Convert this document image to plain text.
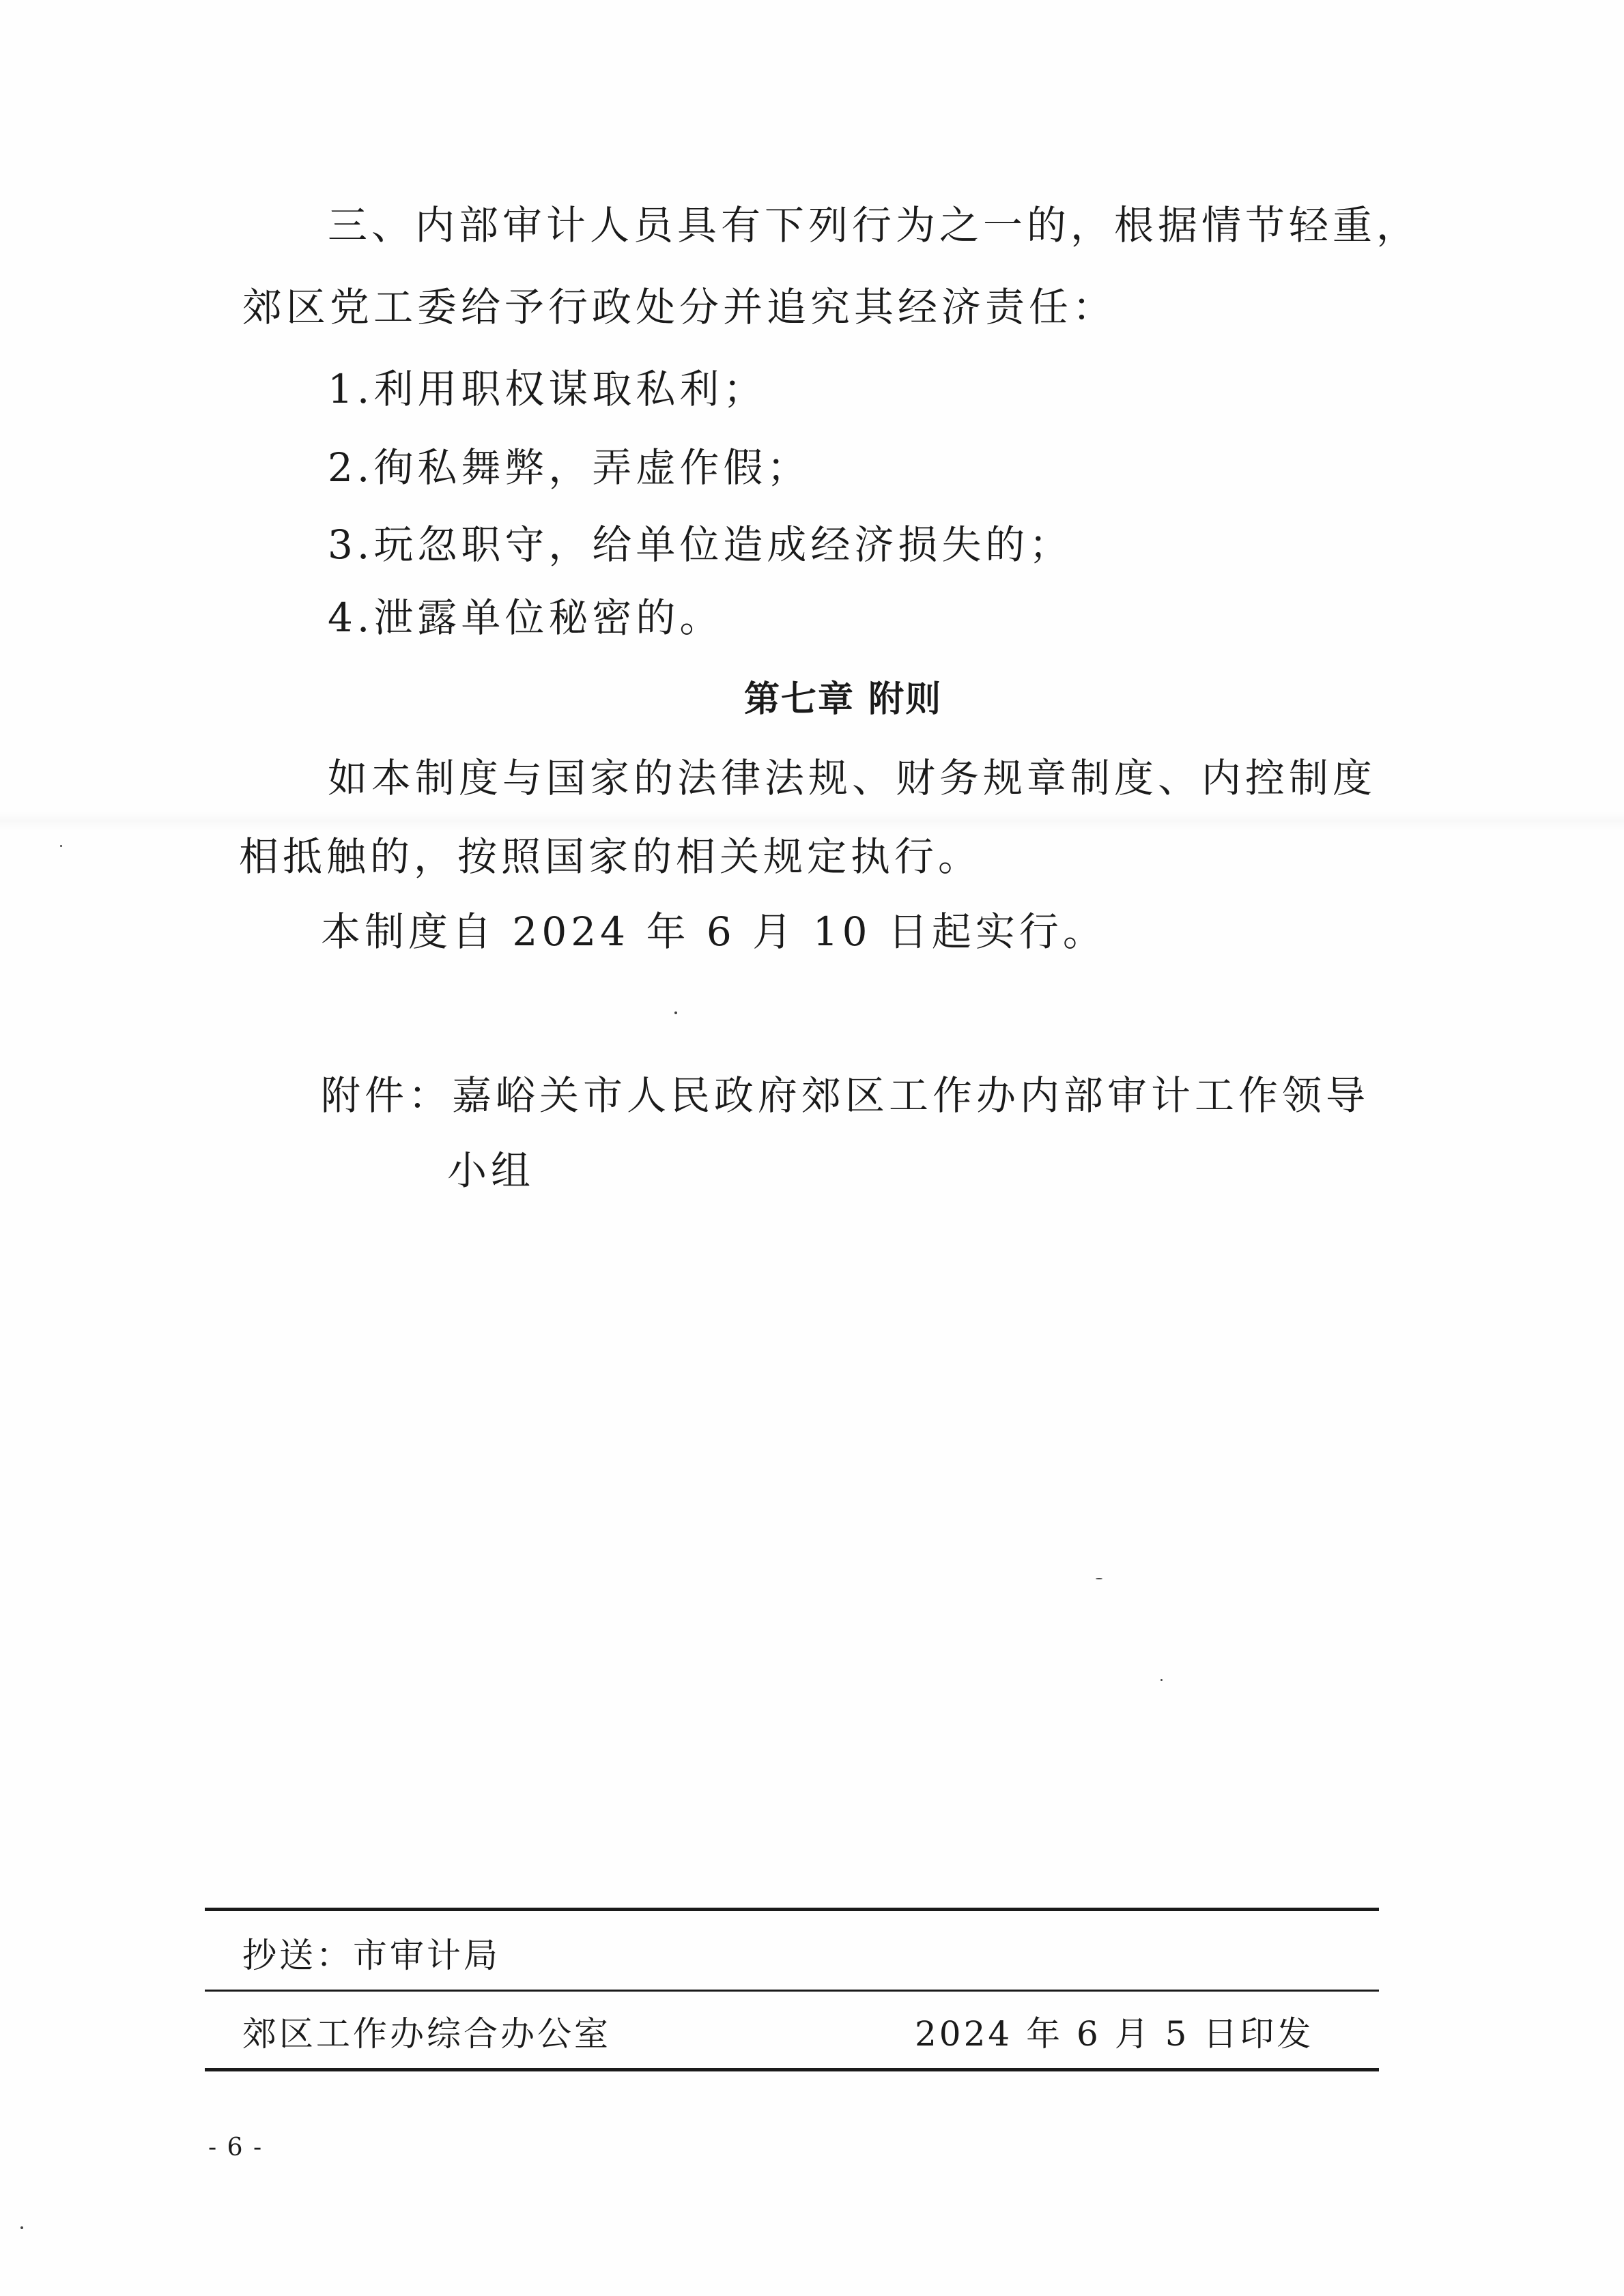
三、内部审计人员具有下列行为之一的，根据情节轻重，
郊区党工委给予行政处分并追究其经济责任：
1.利用职权谋取私利；
2.徇私舞弊，弄虚作假；
3.玩忽职守，给单位造成经济损失的；
4.泄露单位秘密的。
第七章 附则
如本制度与国家的法律法规、财务规章制度、内控制度
相抵触的，按照国家的相关规定执行。
本制度自 2024 年 6 月 10 日起实行。
附件：嘉峪关市人民政府郊区工作办内部审计工作领导
小组
抄送：市审计局
郊区工作办综合办公室	2024 年 6 月 5 日印发
- 6 -
